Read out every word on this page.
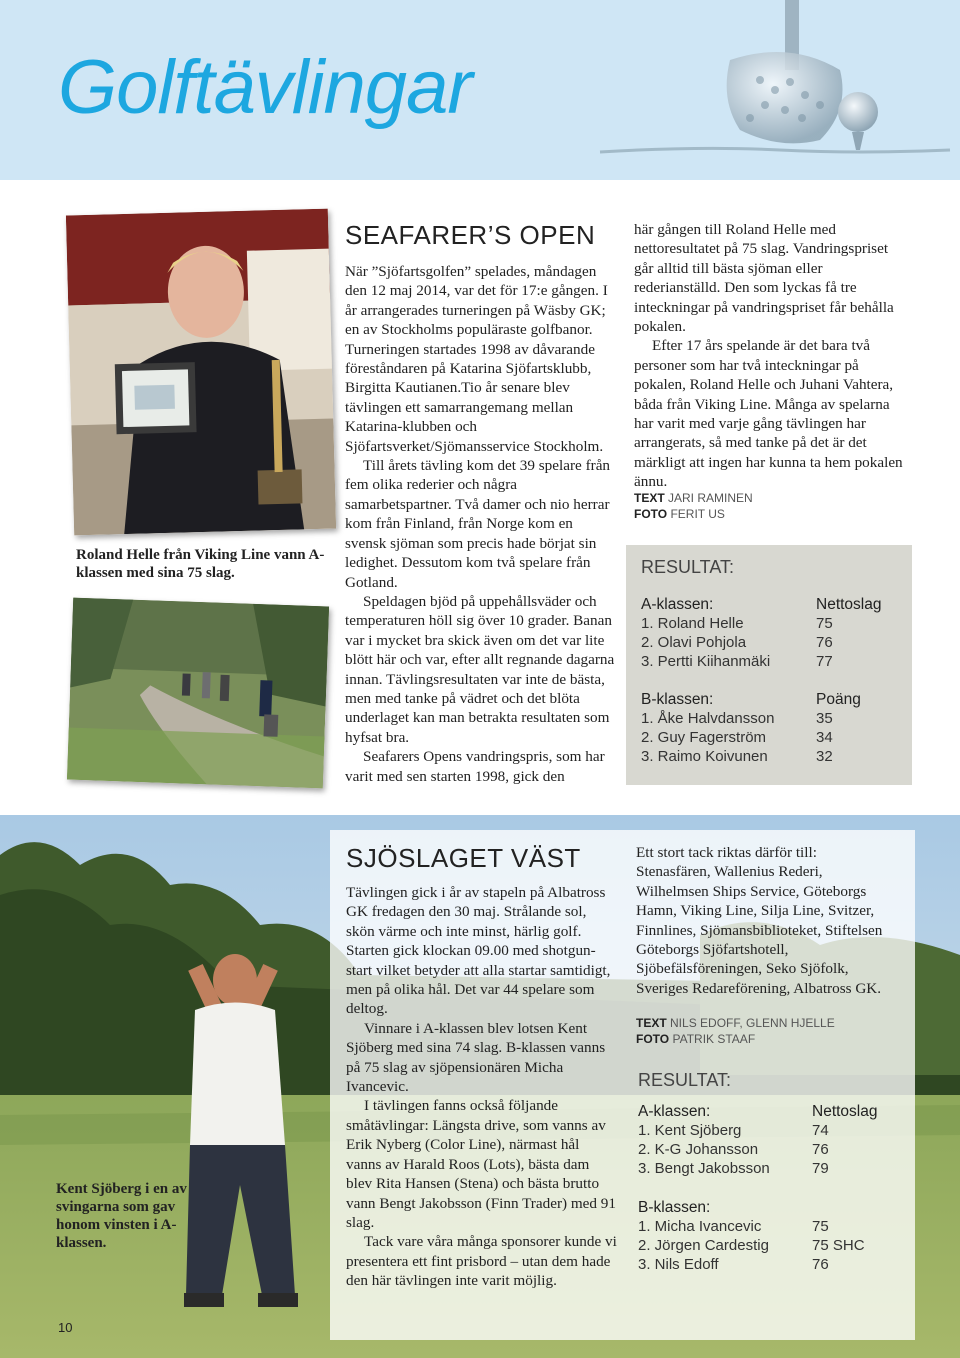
Golftävlingar
Roland Helle från Viking Line vann A-klassen med sina 75 slag.
SEAFARER’S OPEN

När ”Sjöfartsgolfen” spelades, måndagen den 12 maj 2014, var det för 17:e gången. I år arrangerades turneringen på Wäsby GK; en av Stockholms populäraste golfbanor. Turneringen startades 1998 av dåvarande föreståndaren på Katarina Sjöfartsklubb, Birgitta Kautianen.Tio år senare blev tävlingen ett samarrangemang mellan Katarina-klubben och Sjöfartsverket/Sjömansservice Stockholm.

Till årets tävling kom det 39 spelare från fem olika rederier och några samarbetspartner. Två damer och nio herrar kom från Finland, från Norge kom en svensk sjöman som precis hade börjat sin ledighet. Dessutom kom två spelare från Gotland.

Speldagen bjöd på uppehållsväder och temperaturen höll sig över 10 grader. Banan var i mycket bra skick även om det var lite blött här och var, efter allt regnande dagarna innan. Tävlingsresultaten var inte de bästa, men med tanke på vädret och det blöta underlaget kan man betrakta resultaten som hyfsat bra.

Seafarers Opens vandringspris, som har varit med sen starten 1998, gick den

här gången till Roland Helle med nettoresultatet på 75 slag. Vandringspriset går alltid till bästa sjöman eller rederianställd. Den som lyckas få tre inteckningar på vandringspriset får behålla pokalen.

Efter 17 års spelande är det bara två personer som har två inteckningar på pokalen, Roland Helle och Juhani Vahtera, båda från Viking Line. Många av spelarna har varit med varje gång tävlingen har arrangerats, så med tanke på det är det märkligt att ingen har kunna ta hem pokalen ännu.

TEXT JARI RAMINEN
FOTO FERIT US
RESULTAT:
A-klassen:	Nettoslag
1. Roland Helle	75
2. Olavi Pohjola	76
3. Pertti Kiihanmäki	77
B-klassen:	Poäng
1. Åke Halvdansson	35
2. Guy Fagerström	34
3. Raimo Koivunen	32
Kent Sjöberg i en av svingarna som gav honom vinsten i A-klassen.
SJÖSLAGET VÄST

Tävlingen gick i år av stapeln på Albatross GK fredagen den 30 maj. Strålande sol, skön värme och inte minst, härlig golf. Starten gick klockan 09.00 med shotgun-start vilket betyder att alla startar samtidigt, men på olika hål. Det var 44 spelare som deltog.

Vinnare i A-klassen blev lotsen Kent Sjöberg med sina 74 slag. B-klassen vanns på 75 slag av sjöpensionären Micha Ivancevic.

I tävlingen fanns också följande småtävlingar: Längsta drive, som vanns av Erik Nyberg (Color Line), närmast hål vanns av Harald Roos (Lots), bästa dam blev Rita Hansen (Stena) och bästa brutto vann Bengt Jakobsson (Finn Trader) med 91 slag.

Tack vare våra många sponsorer kunde vi presentera ett fint prisbord – utan dem hade den här tävlingen inte varit möjlig.

Ett stort tack riktas därför till: Stenasfären, Wallenius Rederi, Wilhelmsen Ships Service, Göteborgs Hamn, Viking Line, Silja Line, Svitzer, Finnlines, Sjömansbiblioteket, Stiftelsen Göteborgs Sjöfartshotell, Sjöbefälsföreningen, Seko Sjöfolk, Sveriges Redareförening, Albatross GK.

TEXT NILS EDOFF, GLENN HJELLE
FOTO PATRIK STAAF
RESULTAT:
A-klassen:	Nettoslag
1. Kent Sjöberg	74
2. K-G Johansson	76
3. Bengt Jakobsson	79
B-klassen:
1. Micha Ivancevic	75
2. Jörgen Cardestig	75 SHC
3. Nils Edoff	76
10
